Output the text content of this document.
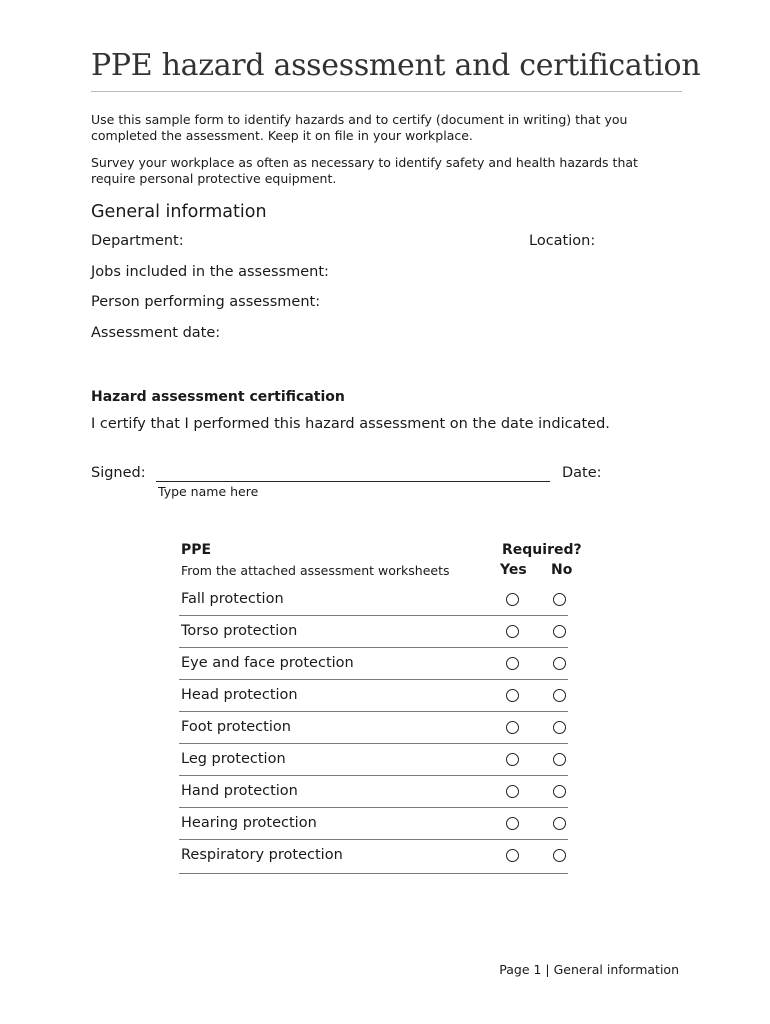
PPE hazard assessment and certification
Use this sample form to identify hazards and to certify (document in writing) that you completed the assessment. Keep it on file in your workplace.
Survey your workplace as often as necessary to identify safety and health hazards that require personal protective equipment.
General information
Department:	Location:
Jobs included in the assessment:
Person performing assessment:
Assessment date:
Hazard assessment certification
I certify that I performed this hazard assessment on the date indicated.
Signed:	Date:
Type name here
PPE
From the attached assessment worksheets
Required?
Yes No
Fall protection
Torso protection
Eye and face protection
Head protection
Foot protection
Leg protection
Hand protection
Hearing protection
Respiratory protection
Page 1 | General information
